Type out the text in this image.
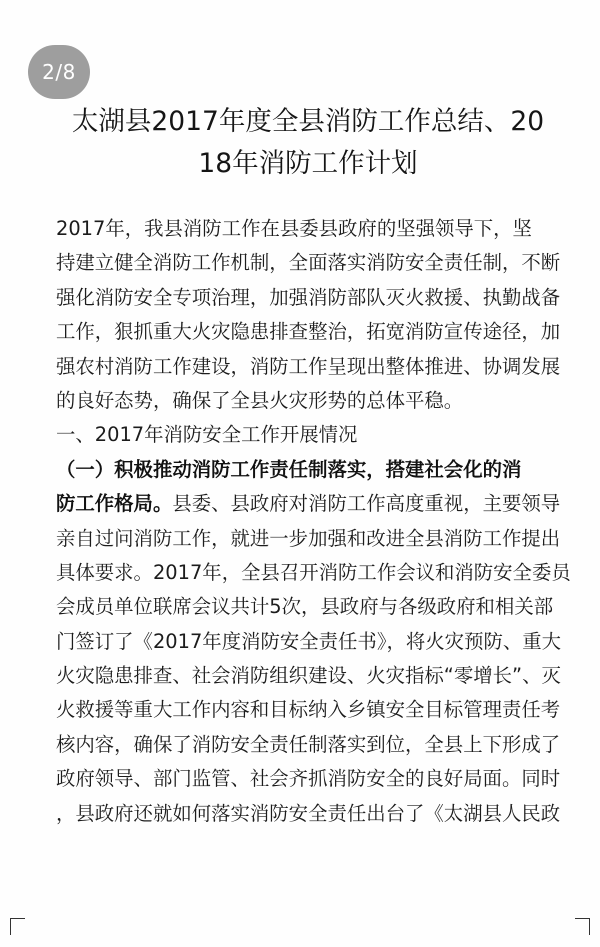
2/8
太湖县2017年度全县消防工作总结、20
18年消防工作计划
2017年，我县消防工作在县委县政府的坚强领导下，坚
持建立健全消防工作机制，全面落实消防安全责任制，不断
强化消防安全专项治理，加强消防部队灭火救援、执勤战备
工作，狠抓重大火灾隐患排查整治，拓宽消防宣传途径，加
强农村消防工作建设，消防工作呈现出整体推进、协调发展
的良好态势，确保了全县火灾形势的总体平稳。
一、2017年消防安全工作开展情况
（一）积极推动消防工作责任制落实，搭建社会化的消
防工作格局。县委、县政府对消防工作高度重视，主要领导
亲自过问消防工作，就进一步加强和改进全县消防工作提出
具体要求。2017年，全县召开消防工作会议和消防安全委员
会成员单位联席会议共计5次，县政府与各级政府和相关部
门签订了《2017年度消防安全责任书》，将火灾预防、重大
火灾隐患排查、社会消防组织建设、火灾指标“零增长”、灭
火救援等重大工作内容和目标纳入乡镇安全目标管理责任考
核内容，确保了消防安全责任制落实到位，全县上下形成了
政府领导、部门监管、社会齐抓消防安全的良好局面。同时
，县政府还就如何落实消防安全责任出台了《太湖县人民政
